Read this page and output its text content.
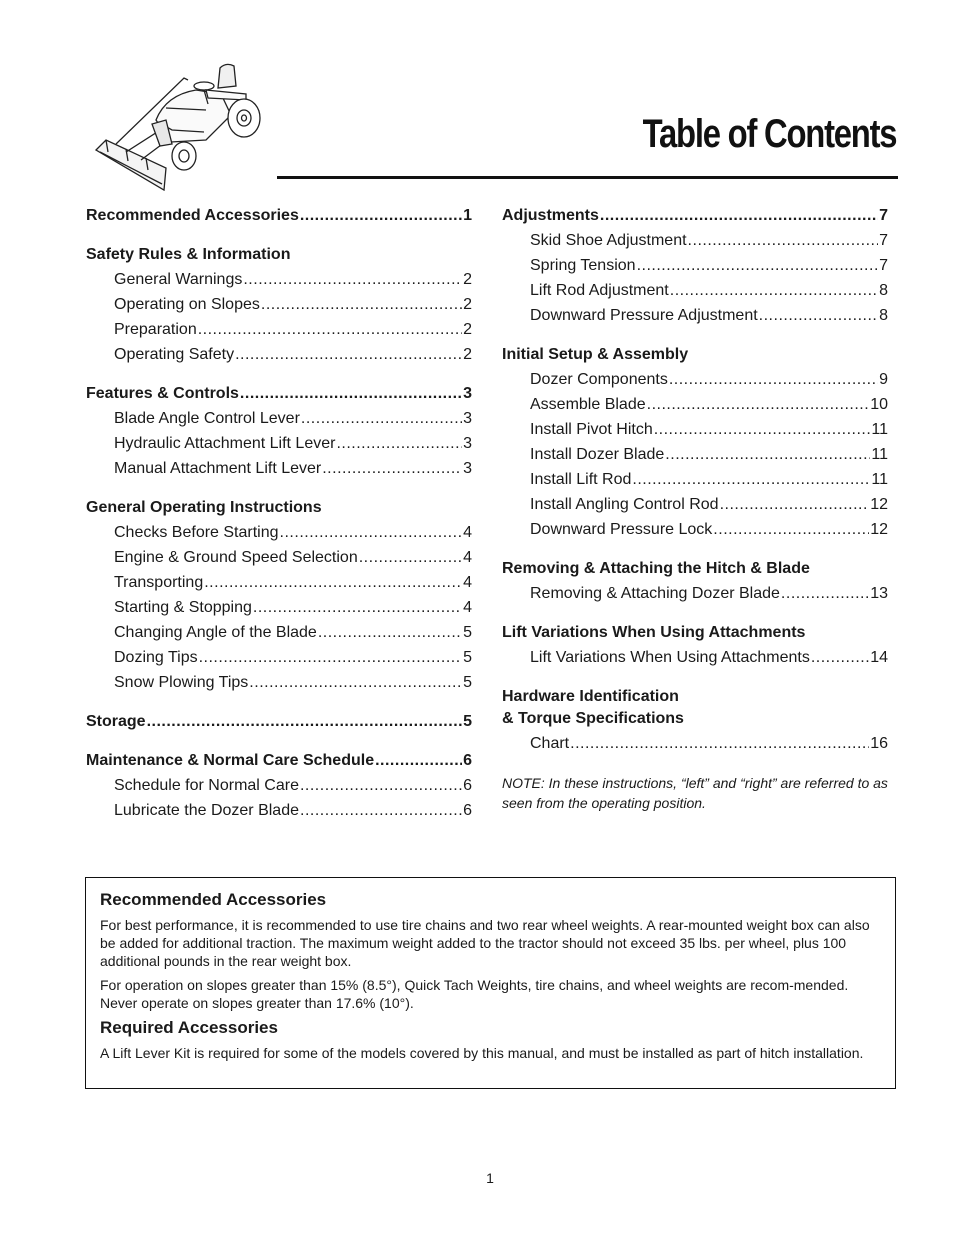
Table of Contents
Recommended Accessories .....	1
Safety Rules & Information
General Warnings .....	2
Operating on Slopes .....	2
Preparation .....	2
Operating Safety .....	2
Features & Controls .....	3
Blade Angle Control Lever .....	3
Hydraulic Attachment Lift Lever .....	3
Manual Attachment Lift Lever .....	3
General Operating Instructions
Checks Before Starting .....	4
Engine & Ground Speed Selection .....	4
Transporting .....	4
Starting & Stopping .....	4
Changing Angle of the Blade .....	5
Dozing Tips .....	5
Snow Plowing Tips .....	5
Storage .....	5
Maintenance & Normal Care Schedule .....	6
Schedule for Normal Care .....	6
Lubricate the Dozer Blade .....	6
Adjustments .....	7
Skid Shoe Adjustment .....	7
Spring Tension .....	7
Lift Rod Adjustment .....	8
Downward Pressure Adjustment .....	8
Initial Setup & Assembly
Dozer Components .....	9
Assemble Blade .....	10
Install Pivot Hitch .....	11
Install Dozer Blade .....	11
Install Lift Rod .....	11
Install Angling Control Rod .....	12
Downward Pressure Lock .....	12
Removing & Attaching the Hitch & Blade
Removing & Attaching Dozer Blade .....	13
Lift Variations When Using Attachments
Lift Variations When Using Attachments .....	14
Hardware Identification
& Torque Specifications
Chart .....	16
NOTE: In these instructions, “left” and “right” are referred to as seen from the operating position.
Recommended Accessories

For best performance, it is recommended to use tire chains and two rear wheel weights. A rear-mounted weight box can also be added for additional traction. The maximum weight added to the tractor should not exceed 35 lbs. per wheel, plus 100 additional pounds in the rear weight box.

For operation on slopes greater than 15% (8.5°), Quick Tach Weights, tire chains, and wheel weights are recom-mended. Never operate on slopes greater than 17.6% (10°).

Required Accessories

A Lift Lever Kit is required for some of the models covered by this manual, and must be installed as part of hitch installation.

1
